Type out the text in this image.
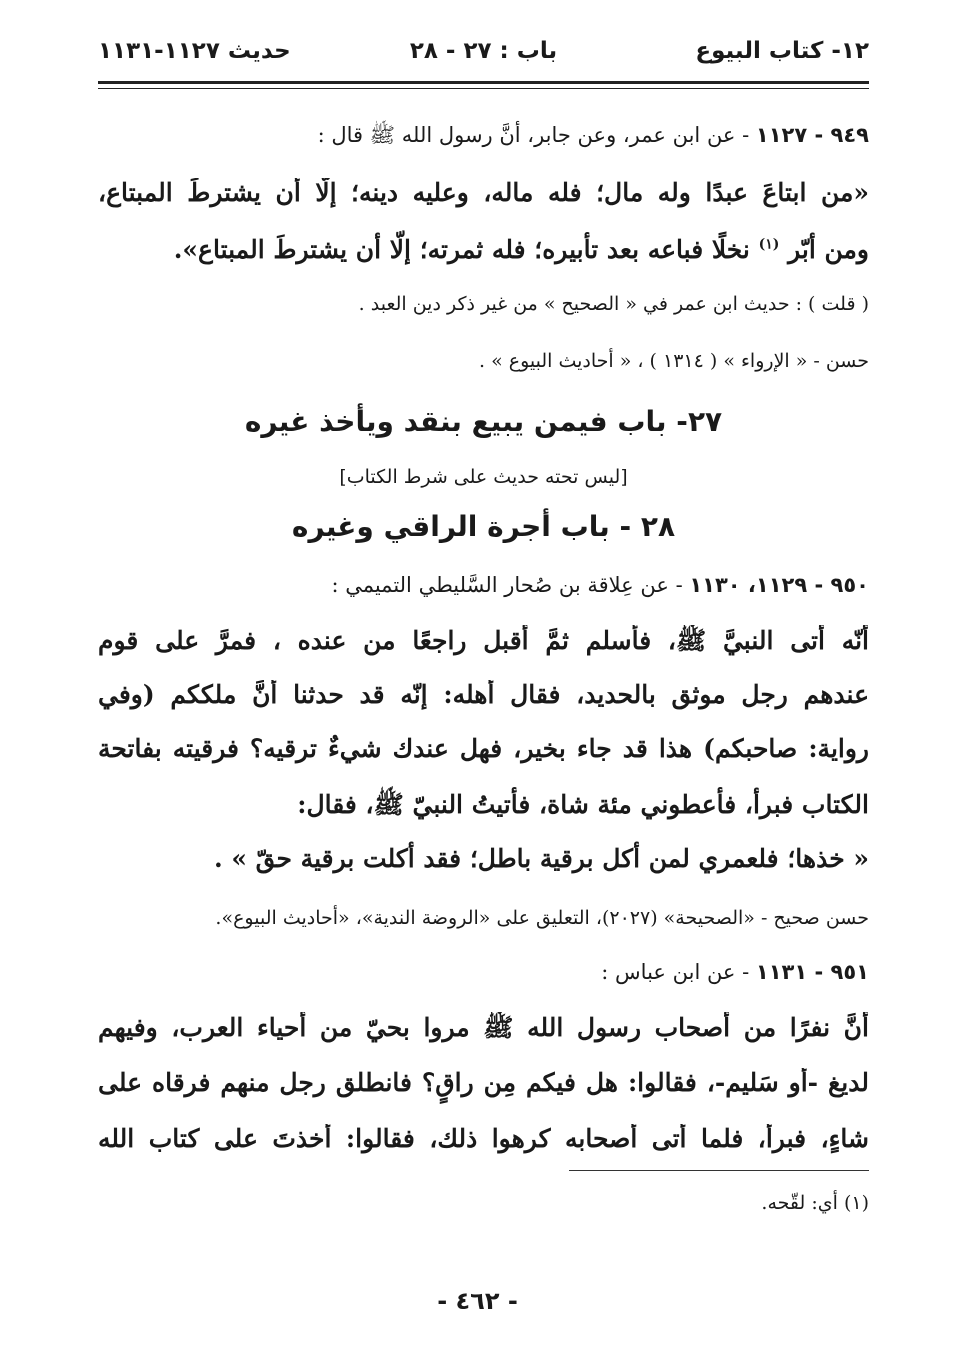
١٢- كتاب البيوع
باب : ٢٧ - ٢٨
حديث ١١٢٧-١١٣١
٩٤٩ - ١١٢٧ - عن ابن عمر، وعن جابر، أنَّ رسول الله ﷺ قال :
«من ابتاعَ عبدًا وله مال؛ فله ماله، وعليه دينه؛ إلّا أن يشترطَ المبتاع،
ومن أبّر $^{(١)}$ نخلًا فباعه بعد تأبيره؛ فله ثمرته؛ إلّا أن يشترطَ المبتاع».
( قلت ) : حديث ابن عمر في « الصحيح » من غير ذكر دين العبد .
حسن - « الإرواء » ( ١٣١٤ ) ، « أحاديث البيوع » .
٢٧- باب فيمن يبيع بنقد ويأخذ غيره
[ليس تحته حديث على شرط الكتاب]
٢٨ - باب أجرة الراقي وغيره
٩٥٠ - ١١٢٩، ١١٣٠ - عن عِلاقة بن صُحار السَّليطي التميمي :
أنّه أتى النبيَّ ﷺ، فأسلم ثمَّ أقبل راجعًا من عنده ، فمرَّ على قوم
عندهم رجل موثق بالحديد، فقال أهله: إنّه قد حدثنا أنَّ ملككم (وفي
رواية: صاحبكم) هذا قد جاء بخير، فهل عندك شيءٌ ترقيه؟ فرقيته بفاتحة
الكتاب فبرأ، فأعطوني مئة شاة، فأتيتُ النبيّ ﷺ، فقال:
« خذها؛ فلعمري لمن أكل برقية باطل؛ فقد أكلت برقية حقّ » .
حسن صحيح - «الصحيحة» (٢٠٢٧)، التعليق على «الروضة الندية»، «أحاديث البيوع».
٩٥١ - ١١٣١ - عن ابن عباس :
أنَّ نفرًا من أَصحاب رسول الله ﷺ مروا بحيّ من أَحياء العرب، وفيهم
لديغ -أو سَليم-، فقالوا: هل فيكم مِن راقٍ؟ فانطلق رجل منهم فرقاه على
شاءٍ، فبرأ، فلما أَتى أَصحابه كرهوا ذلك، فقالوا: أَخذتَ على كتاب الله
(١) أي: لقّحه.
- ٤٦٢ -
